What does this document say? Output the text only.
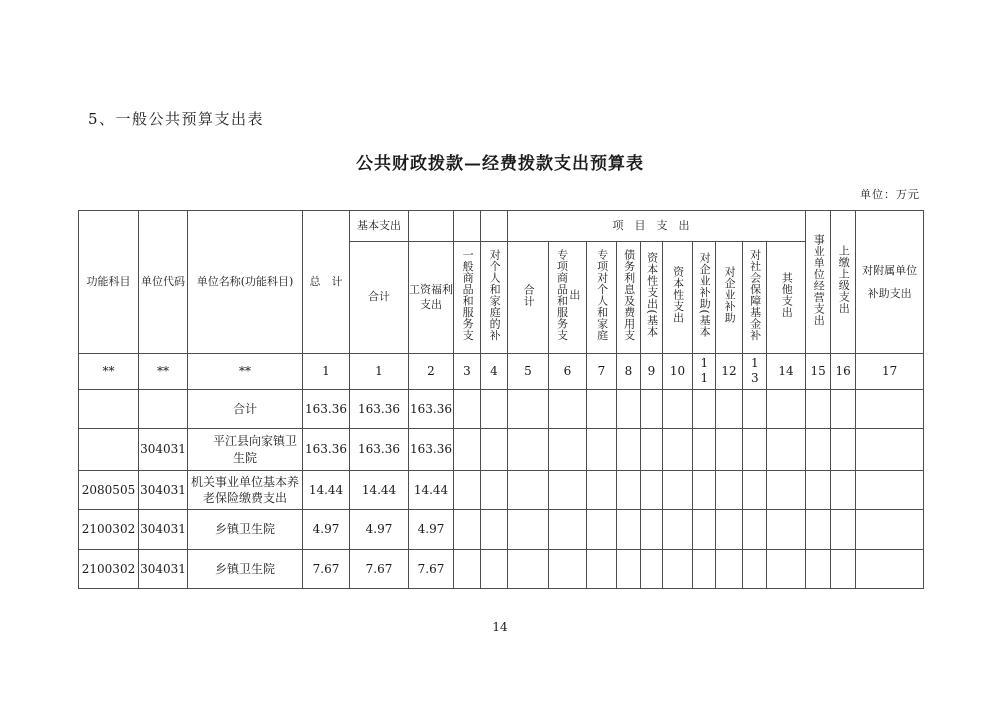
5、一般公共预算支出表
公共财政拨款—经费拨款支出预算表
单位：万元
功能科目	单位代码	单位名称(功能科目)	总　计	基本支出				项目支出										事业单位经营支出	上缴上级支出	对附属单位补助支出

				合计	工资福利支出	一般商品和服务支	对个人和家庭的补	合计	专项商品和服务支出	专项对个人和家庭	债务利息及费用支	资本性支出(基本	资本性支出	对企业补助(基本	对企业补助	对社会保障基金补	其他支出			
**	**	**	1	1	2	3	4	5	6	7	8	9	10	11	12	13	14	15	16	17
		合计	163.36	163.36	163.36															
	304031	平江县向家镇卫生院	163.36	163.36	163.36															
2080505	304031	机关事业单位基本养老保险缴费支出	14.44	14.44	14.44															
2100302	304031	乡镇卫生院	4.97	4.97	4.97															
2100302	304031	乡镇卫生院	7.67	7.67	7.67															
14
